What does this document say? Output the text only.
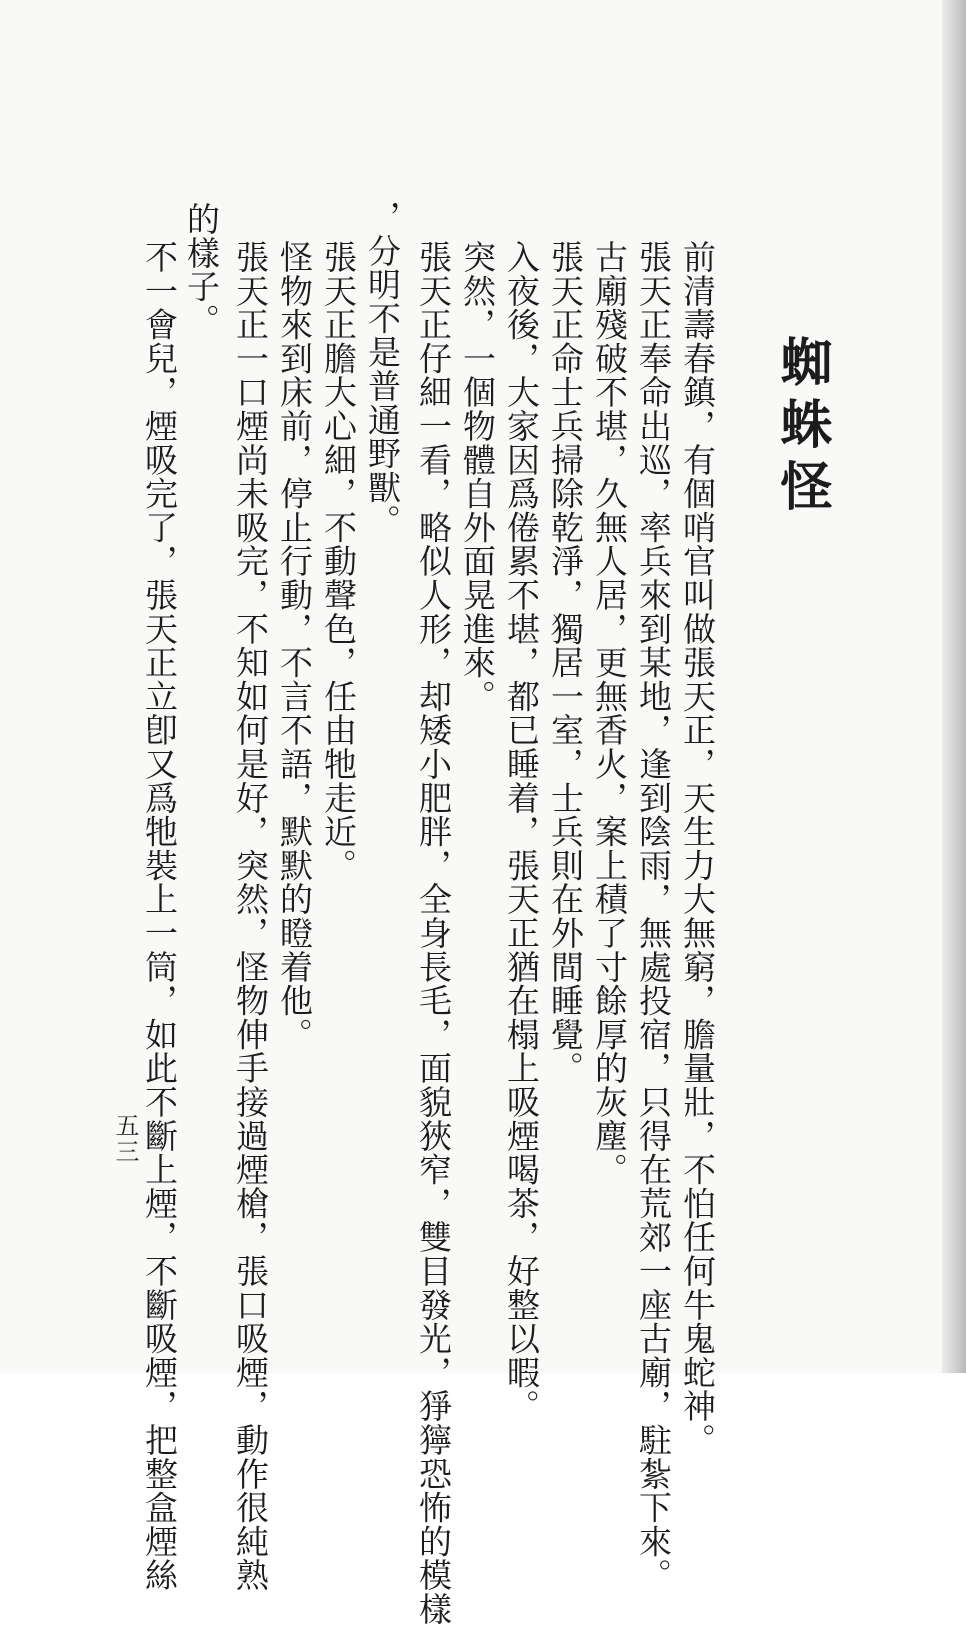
蜘蛛怪
前清壽春鎮，有個哨官叫做張天正，天生力大無窮，膽量壯，不怕任何牛鬼蛇神。
張天正奉命出巡，率兵來到某地，逢到陰雨，無處投宿，只得在荒郊一座古廟，駐紮下來。
古廟殘破不堪，久無人居，更無香火，案上積了寸餘厚的灰塵。
張天正命士兵掃除乾淨，獨居一室，士兵則在外間睡覺。
入夜後，大家因爲倦累不堪，都已睡着，張天正猶在榻上吸煙喝茶，好整以暇。
突然，一個物體自外面晃進來。
張天正仔細一看，略似人形，却矮小肥胖，全身長毛，面貌狹窄，雙目發光，猙獰恐怖的模樣
，分明不是普通野獸。
張天正膽大心細，不動聲色，任由牠走近。
怪物來到床前，停止行動，不言不語，默默的瞪着他。
張天正一口煙尚未吸完，不知如何是好，突然，怪物伸手接過煙槍，張口吸煙，動作很純熟
的樣子。
不一會兒，煙吸完了，張天正立卽又爲牠裝上一筒，如此不斷上煙，不斷吸煙，把整盒煙絲
五三
